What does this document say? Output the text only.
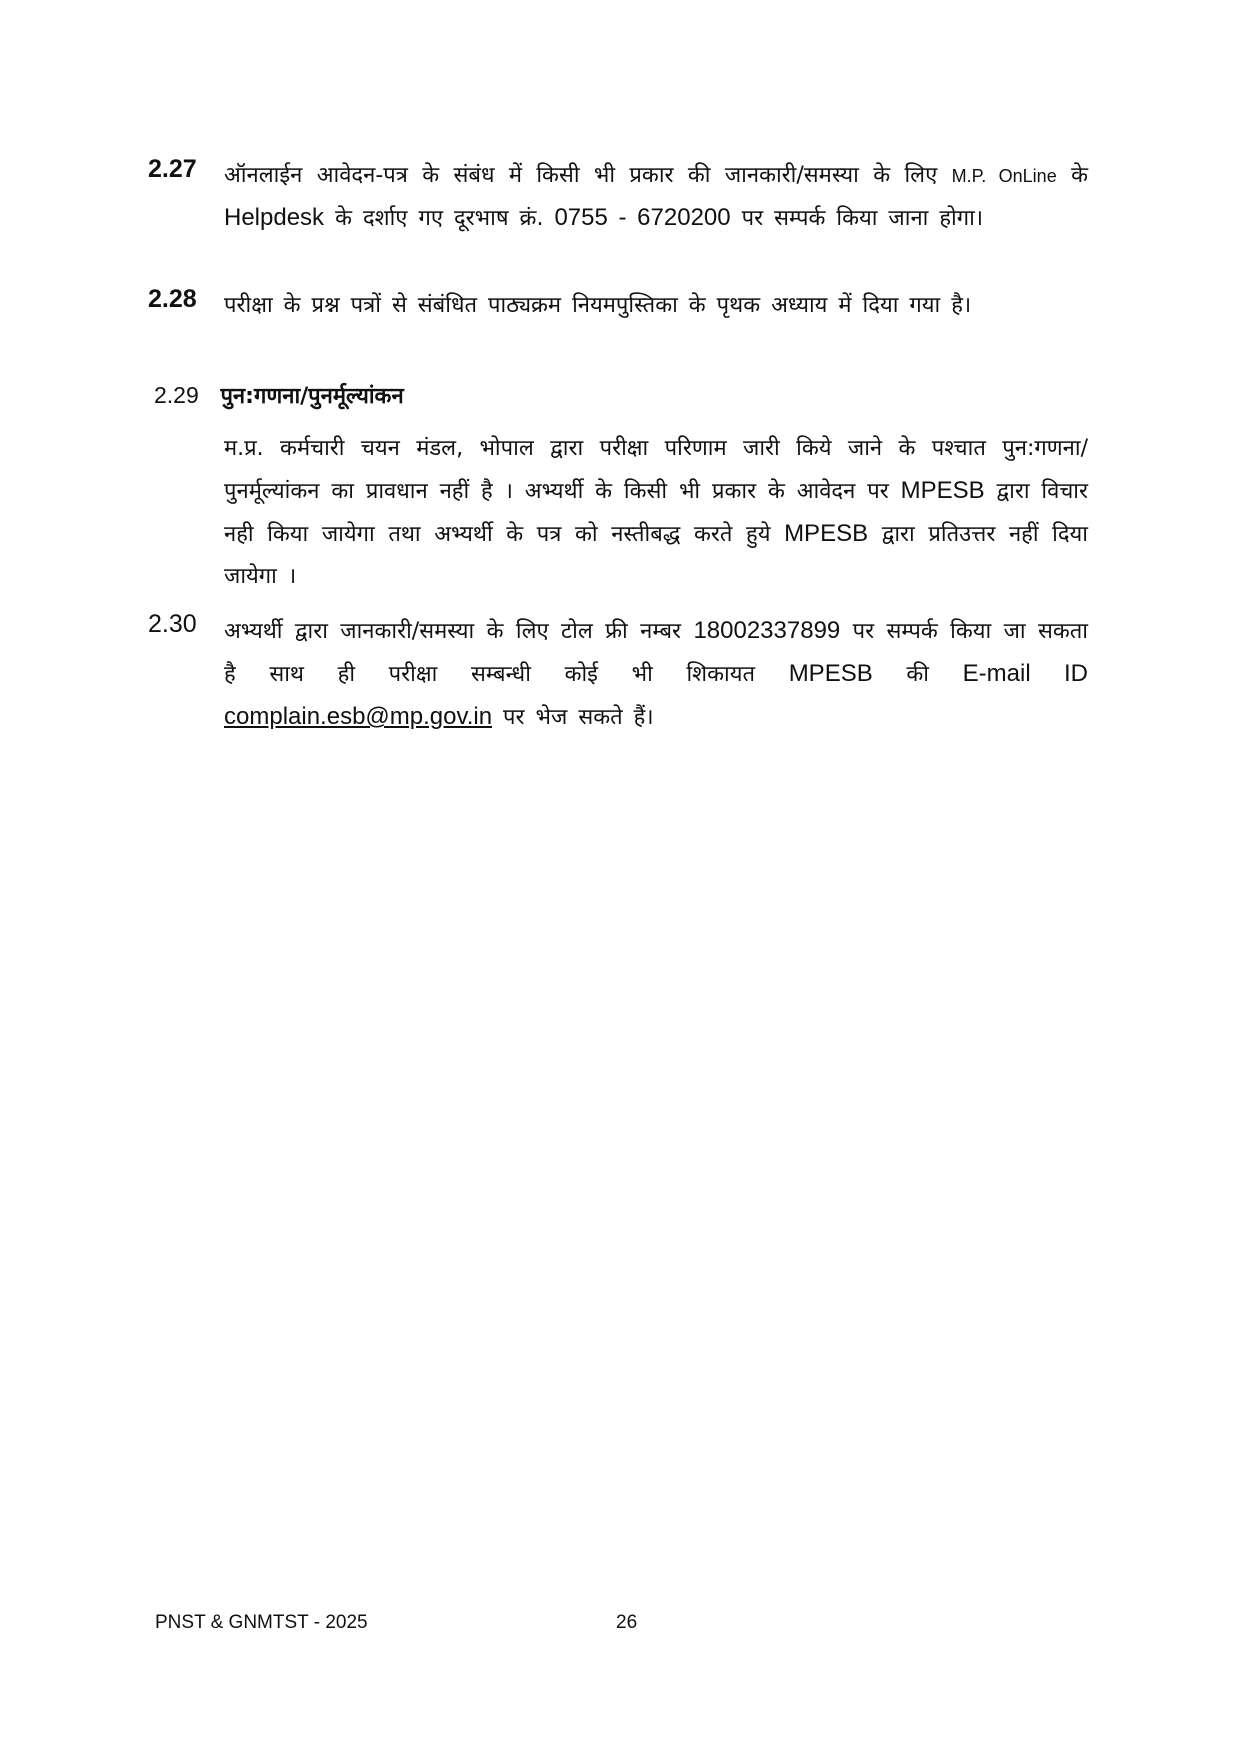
2.27 ऑनलाईन आवेदन-पत्र के संबंध में किसी भी प्रकार की जानकारी/समस्या के लिए M.P. OnLine के Helpdesk के दर्शाए गए दूरभाष क्रं. 0755 - 6720200 पर सम्पर्क किया जाना होगा।
2.28 परीक्षा के प्रश्न पत्रों से संबंधित पाठ्यक्रम नियमपुस्तिका के पृथक अध्याय में दिया गया है।
2.29 पुन:गणना/पुनर्मूल्यांकन
म.प्र. कर्मचारी चयन मंडल, भोपाल द्वारा परीक्षा परिणाम जारी किये जाने के पश्चात पुन:गणना/पुनर्मूल्यांकन का प्रावधान नहीं है । अभ्यर्थी के किसी भी प्रकार के आवेदन पर MPESB द्वारा विचार नही किया जायेगा तथा अभ्यर्थी के पत्र को नस्तीबद्ध करते हुये MPESB द्वारा प्रतिउत्तर नहीं दिया जायेगा ।
2.30 अभ्यर्थी द्वारा जानकारी/समस्या के लिए टोल फ्री नम्बर 18002337899 पर सम्पर्क किया जा सकता है साथ ही परीक्षा सम्बन्धी कोई भी शिकायत MPESB की E-mail ID complain.esb@mp.gov.in पर भेज सकते हैं।
PNST & GNMTST - 2025	26
